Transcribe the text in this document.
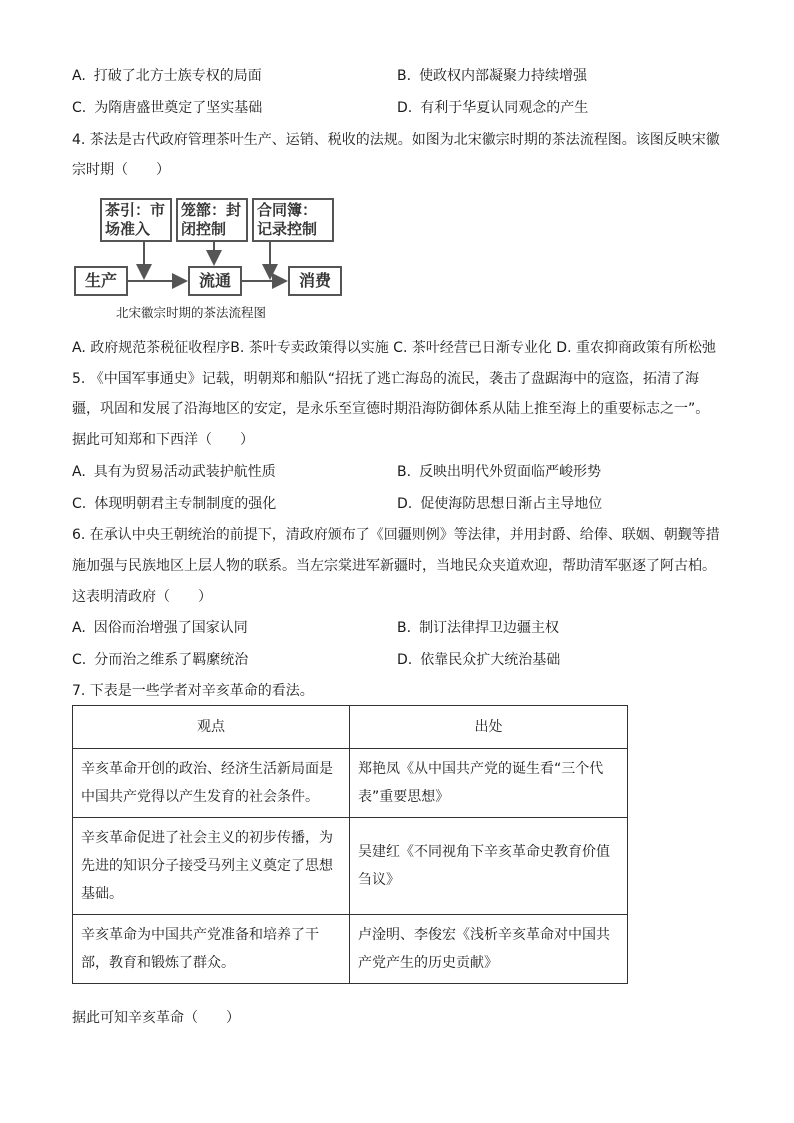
A. 打破了北方士族专权的局面	B. 使政权内部凝聚力持续增强
C. 为隋唐盛世奠定了坚实基础	D. 有利于华夏认同观念的产生
4. 茶法是古代政府管理茶叶生产、运销、税收的法规。如图为北宋徽宗时期的茶法流程图。该图反映宋徽
宗时期（　　）
茶引：市
场准入
笼篰：封
闭控制
合同簿：
记录控制
生产	流通	消费
北宋徽宗时期的茶法流程图
A. 政府规范茶税征收程序B. 茶叶专卖政策得以实施 C. 茶叶经营已日渐专业化 D. 重农抑商政策有所松弛
5. 《中国军事通史》记载，明朝郑和船队“招抚了逃亡海岛的流民，袭击了盘踞海中的寇盗，拓清了海
疆，巩固和发展了沿海地区的安定，是永乐至宣德时期沿海防御体系从陆上推至海上的重要标志之一”。
据此可知郑和下西洋（　　）
A. 具有为贸易活动武装护航性质	B. 反映出明代外贸面临严峻形势
C. 体现明朝君主专制制度的强化	D. 促使海防思想日渐占主导地位
6. 在承认中央王朝统治的前提下，清政府颁布了《回疆则例》等法律，并用封爵、给俸、联姻、朝觐等措
施加强与民族地区上层人物的联系。当左宗棠进军新疆时，当地民众夹道欢迎，帮助清军驱逐了阿古柏。
这表明清政府（　　）
A. 因俗而治增强了国家认同	B. 制订法律捍卫边疆主权
C. 分而治之维系了羁縻统治	D. 依靠民众扩大统治基础
7. 下表是一些学者对辛亥革命的看法。
观点	出处
辛亥革命开创的政治、经济生活新局面是中国共产党得以产生发育的社会条件。	郑艳凤《从中国共产党的诞生看“三个代表”重要思想》
辛亥革命促进了社会主义的初步传播，为先进的知识分子接受马列主义奠定了思想基础。	吴建红《不同视角下辛亥革命史教育价值刍议》
辛亥革命为中国共产党准备和培养了干部，教育和锻炼了群众。	卢淦明、李俊宏《浅析辛亥革命对中国共产党产生的历史贡献》
据此可知辛亥革命（　　）
